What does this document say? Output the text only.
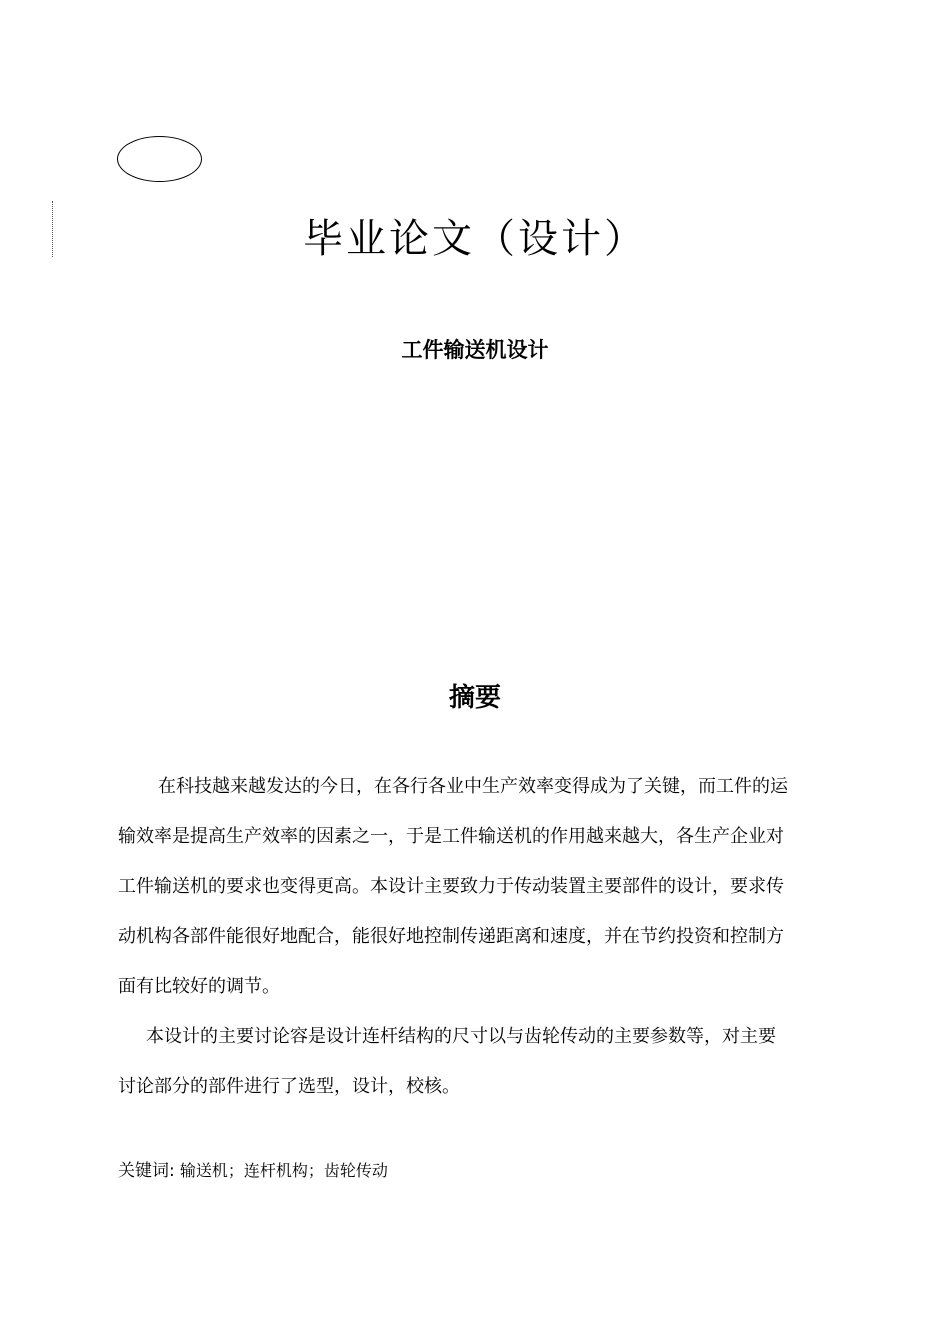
毕业论文（设计）
工件输送机设计
摘要
在科技越来越发达的今日，在各行各业中生产效率变得成为了关键，而工件的运
输效率是提高生产效率的因素之一，于是工件输送机的作用越来越大，各生产企业对
工件输送机的要求也变得更高。本设计主要致力于传动装置主要部件的设计，要求传
动机构各部件能很好地配合，能很好地控制传递距离和速度，并在节约投资和控制方
面有比较好的调节。
本设计的主要讨论容是设计连杆结构的尺寸以与齿轮传动的主要参数等，对主要
讨论部分的部件进行了选型，设计，校核。
关键词: 输送机；连杆机构；齿轮传动
